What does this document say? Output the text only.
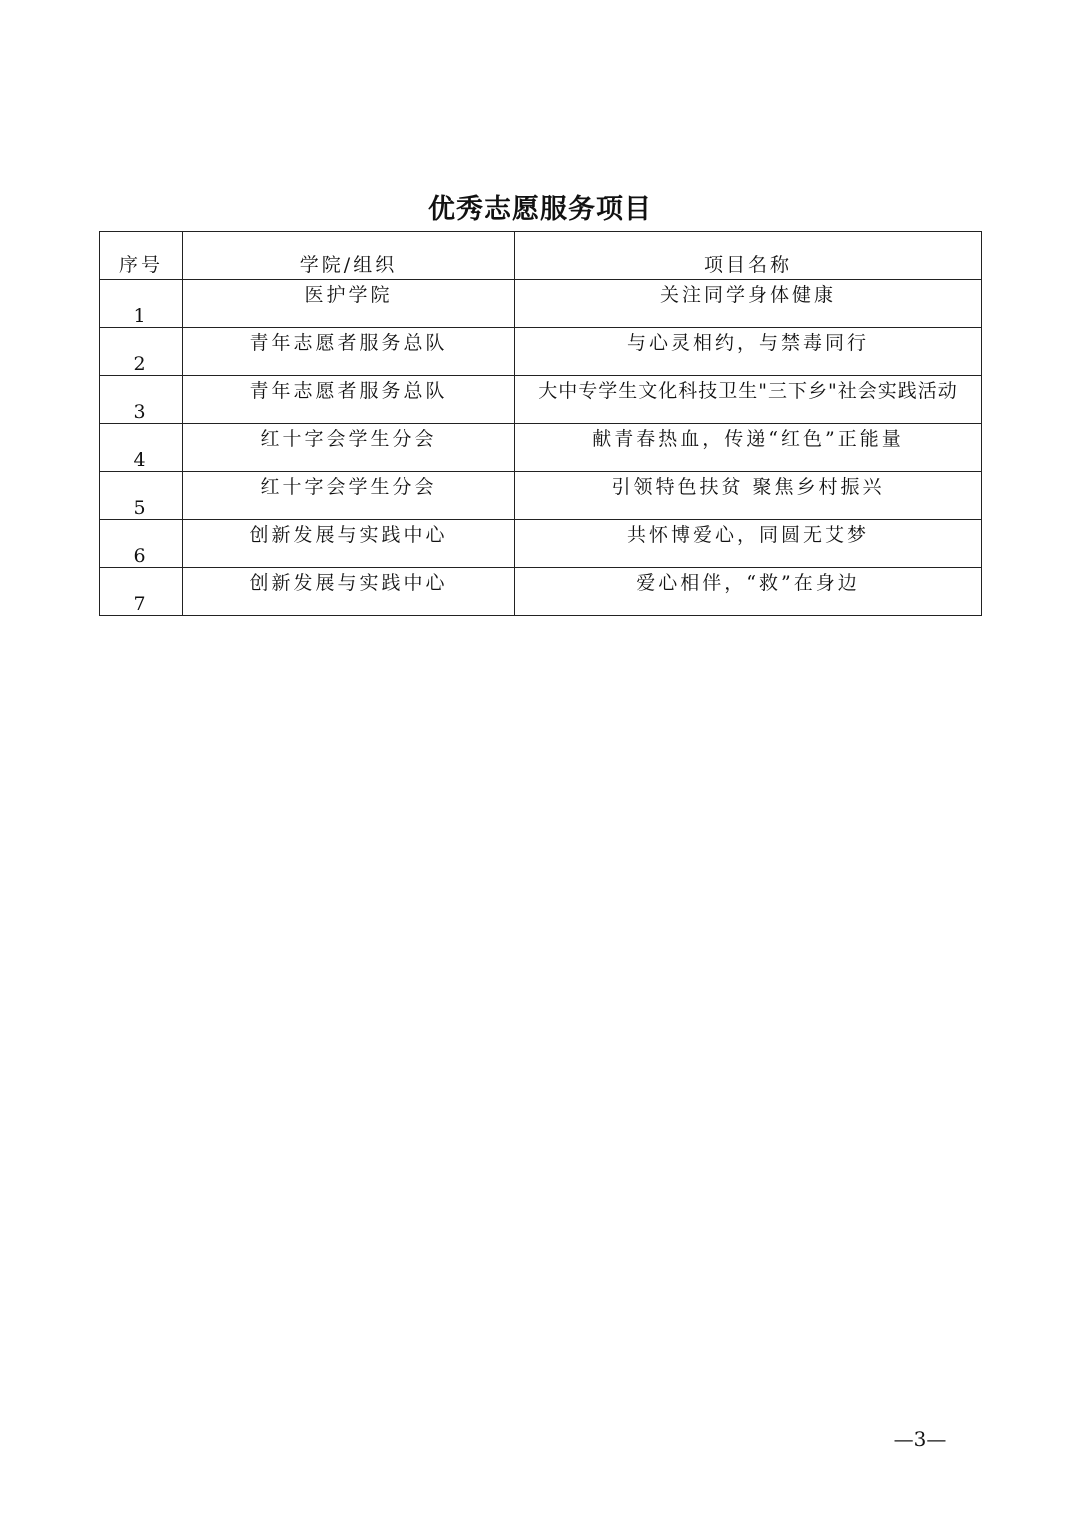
优秀志愿服务项目
序号	学院/组织	项目名称
1	医护学院	关注同学身体健康
2	青年志愿者服务总队	与心灵相约，与禁毒同行
3	青年志愿者服务总队	大中专学生文化科技卫生"三下乡"社会实践活动
4	红十字会学生分会	献青春热血，传递“红色”正能量
5	红十字会学生分会	引领特色扶贫 聚焦乡村振兴
6	创新发展与实践中心	共怀博爱心，同圆无艾梦
7	创新发展与实践中心	爱心相伴，“救”在身边
—3—
